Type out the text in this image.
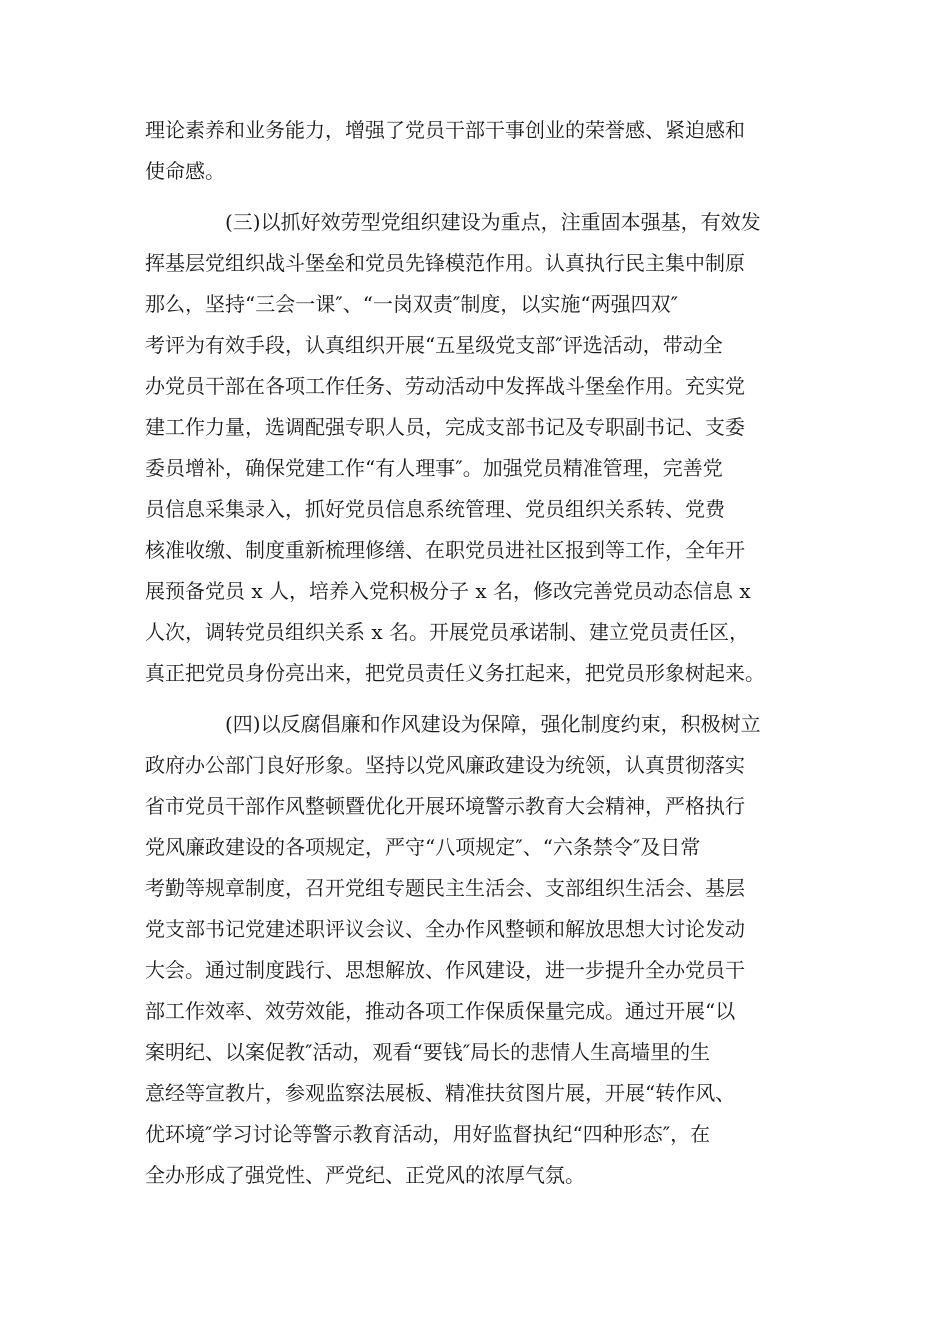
理论素养和业务能力，增强了党员干部干事创业的荣誉感、紧迫感和
使命感。
(三)以抓好效劳型党组织建设为重点，注重固本强基，有效发
挥基层党组织战斗堡垒和党员先锋模范作用。认真执行民主集中制原
那么，坚持“三会一课″、“一岗双责″制度，以实施“两强四双″
考评为有效手段，认真组织开展“五星级党支部″评选活动，带动全
办党员干部在各项工作任务、劳动活动中发挥战斗堡垒作用。充实党
建工作力量，选调配强专职人员，完成支部书记及专职副书记、支委
委员增补，确保党建工作“有人理事″。加强党员精准管理，完善党
员信息采集录入，抓好党员信息系统管理、党员组织关系转、党费
核准收缴、制度重新梳理修缮、在职党员进社区报到等工作，全年开
展预备党员 x 人，培养入党积极分子 x 名，修改完善党员动态信息 x
人次，调转党员组织关系 x 名。开展党员承诺制、建立党员责任区，
真正把党员身份亮出来，把党员责任义务扛起来，把党员形象树起来。
(四)以反腐倡廉和作风建设为保障，强化制度约束，积极树立
政府办公部门良好形象。坚持以党风廉政建设为统领，认真贯彻落实
省市党员干部作风整顿暨优化开展环境警示教育大会精神，严格执行
党风廉政建设的各项规定，严守“八项规定″、“六条禁令″及日常
考勤等规章制度，召开党组专题民主生活会、支部组织生活会、基层
党支部书记党建述职评议会议、全办作风整顿和解放思想大讨论发动
大会。通过制度践行、思想解放、作风建设，进一步提升全办党员干
部工作效率、效劳效能，推动各项工作保质保量完成。通过开展“以
案明纪、以案促教″活动，观看“要钱″局长的悲情人生高墙里的生
意经等宣教片，参观监察法展板、精准扶贫图片展，开展“转作风、
优环境″学习讨论等警示教育活动，用好监督执纪“四种形态″，在
全办形成了强党性、严党纪、正党风的浓厚气氛。
